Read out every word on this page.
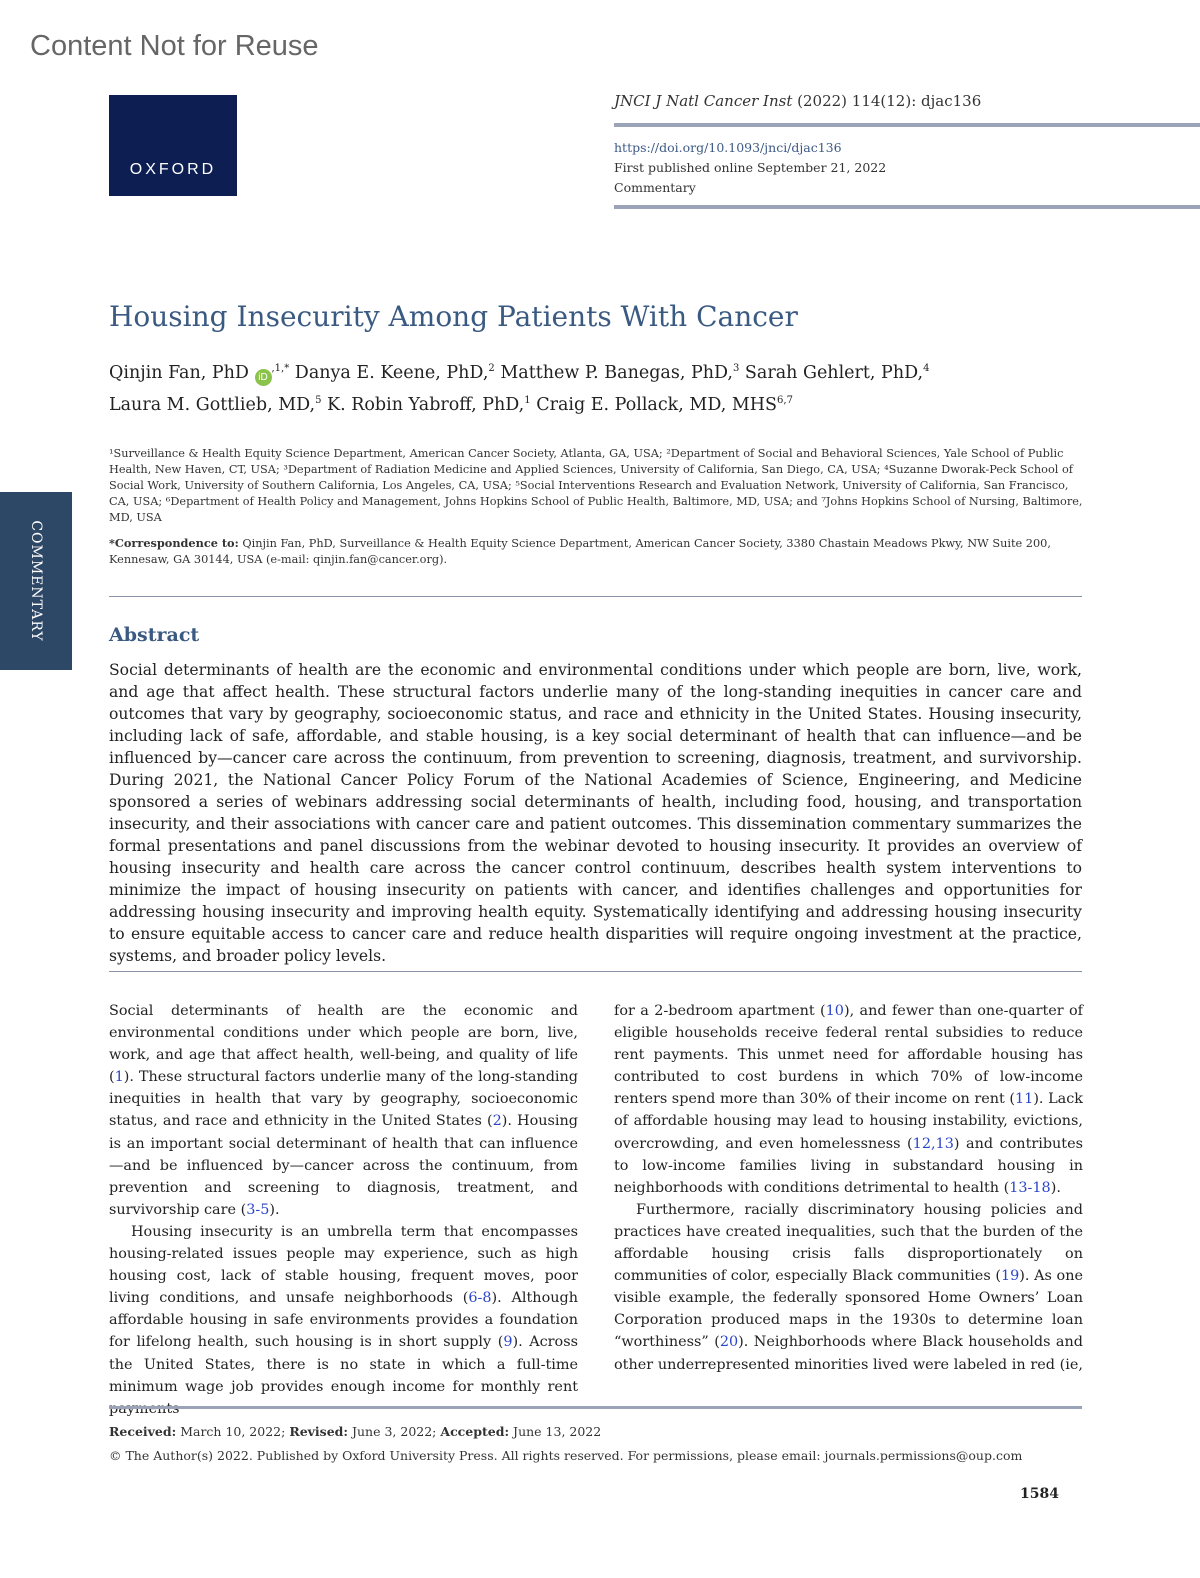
Content Not for Reuse
OXFORD
JNCI J Natl Cancer Inst (2022) 114(12): djac136
https://doi.org/10.1093/jnci/djac136
First published online September 21, 2022
Commentary
COMMENTARY
Housing Insecurity Among Patients With Cancer
Qinjin Fan, PhD $iD^{,1,*}$ Danya E. Keene, PhD,$^2$ Matthew P. Banegas, PhD,$^3$ Sarah Gehlert, PhD,$^4$
Laura M. Gottlieb, MD,$^5$ K. Robin Yabroff, PhD,$^1$ Craig E. Pollack, MD, MHS$^{6,7}$
¹Surveillance & Health Equity Science Department, American Cancer Society, Atlanta, GA, USA; ²Department of Social and Behavioral Sciences, Yale School of Public Health, New Haven, CT, USA; ³Department of Radiation Medicine and Applied Sciences, University of California, San Diego, CA, USA; ⁴Suzanne Dworak-Peck School of Social Work, University of Southern California, Los Angeles, CA, USA; ⁵Social Interventions Research and Evaluation Network, University of California, San Francisco, CA, USA; ⁶Department of Health Policy and Management, Johns Hopkins School of Public Health, Baltimore, MD, USA; and ⁷Johns Hopkins School of Nursing, Baltimore, MD, USA
*Correspondence to: Qinjin Fan, PhD, Surveillance & Health Equity Science Department, American Cancer Society, 3380 Chastain Meadows Pkwy, NW Suite 200, Kennesaw, GA 30144, USA (e-mail: qinjin.fan@cancer.org).
Abstract
Social determinants of health are the economic and environmental conditions under which people are born, live, work, and age that affect health. These structural factors underlie many of the long-standing inequities in cancer care and outcomes that vary by geography, socioeconomic status, and race and ethnicity in the United States. Housing insecurity, including lack of safe, affordable, and stable housing, is a key social determinant of health that can influence—and be influenced by—cancer care across the continuum, from prevention to screening, diagnosis, treatment, and survivorship. During 2021, the National Cancer Policy Forum of the National Academies of Science, Engineering, and Medicine sponsored a series of webinars addressing social determinants of health, including food, housing, and transportation insecurity, and their associations with cancer care and patient outcomes. This dissemination commentary summarizes the formal presentations and panel discussions from the webinar devoted to housing insecurity. It provides an overview of housing insecurity and health care across the cancer control continuum, describes health system interventions to minimize the impact of housing insecurity on patients with cancer, and identifies challenges and opportunities for addressing housing insecurity and improving health equity. Systematically identifying and addressing housing insecurity to ensure equitable access to cancer care and reduce health disparities will require ongoing investment at the practice, systems, and broader policy levels.

Social determinants of health are the economic and environmental conditions under which people are born, live, work, and age that affect health, well-being, and quality of life (1). These structural factors underlie many of the long-standing inequities in health that vary by geography, socioeconomic status, and race and ethnicity in the United States (2). Housing is an important social determinant of health that can influence—and be influenced by—cancer across the continuum, from prevention and screening to diagnosis, treatment, and survivorship care (3-5).

Housing insecurity is an umbrella term that encompasses housing-related issues people may experience, such as high housing cost, lack of stable housing, frequent moves, poor living conditions, and unsafe neighborhoods (6-8). Although affordable housing in safe environments provides a foundation for lifelong health, such housing is in short supply (9). Across the United States, there is no state in which a full-time minimum wage job provides enough income for monthly rent

for a 2-bedroom apartment (10), and fewer than one-quarter of eligible households receive federal rental subsidies to reduce rent payments. This unmet need for affordable housing has contributed to cost burdens in which 70% of low-income renters spend more than 30% of their income on rent (11). Lack of affordable housing may lead to housing instability, evictions, overcrowding, and even homelessness (12,13) and contributes to low-income families living in substandard housing in neighborhoods with conditions detrimental to health (13-18).

Furthermore, racially discriminatory housing policies and practices have created inequalities, such that the burden of the affordable housing crisis falls disproportionately on communities of color, especially Black communities (19). As one visible example, the federally sponsored Home Owners’ Loan Corporation produced maps in the 1930s to determine loan “worthiness” (20). Neighborhoods where Black households and other underrepresented minorities lived were labeled in red (ie,

Received: March 10, 2022; Revised: June 3, 2022; Accepted: June 13, 2022
© The Author(s) 2022. Published by Oxford University Press. All rights reserved. For permissions, please email: journals.permissions@oup.com
1584
